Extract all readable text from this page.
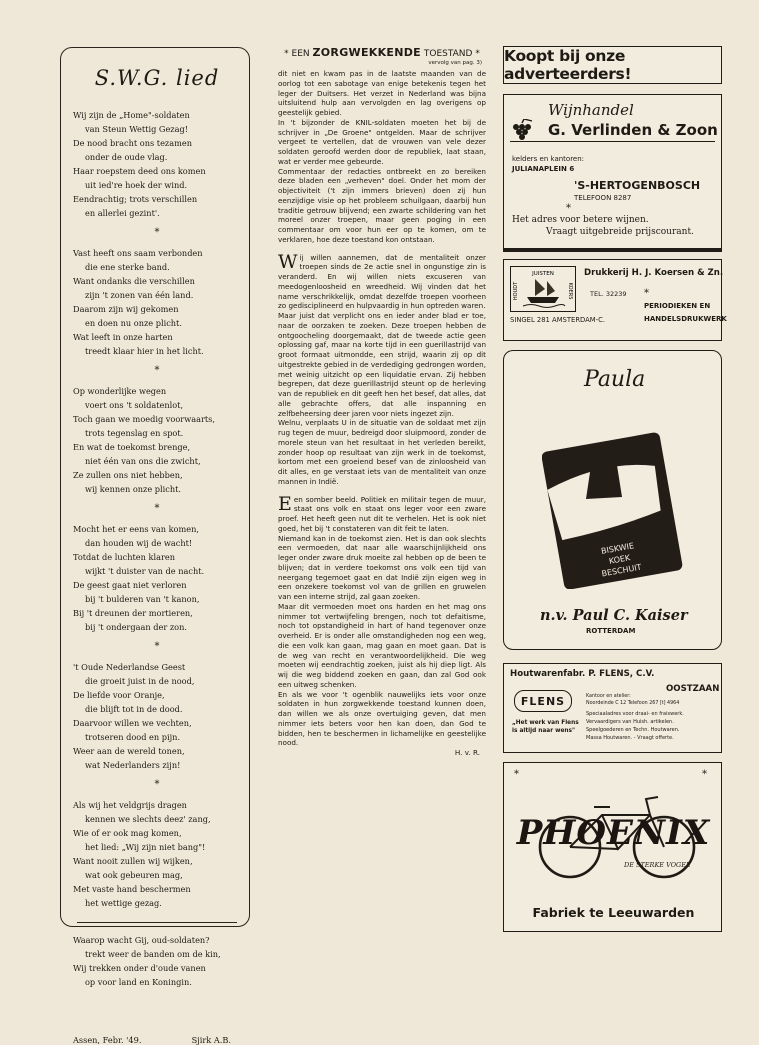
S.W.G. lied
Wij zijn de „Home"-soldaten
van Steun Wettig Gezag!
De nood bracht ons tezamen
onder de oude vlag.
Haar roepstem deed ons komen
uit ied're hoek der wind.
Eendrachtig; trots verschillen
en allerlei gezint'.
*
Vast heeft ons saam verbonden
die ene sterke band.
Want ondanks die verschillen
zijn 't zonen van één land.
Daarom zijn wij gekomen
en doen nu onze plicht.
Wat leeft in onze harten
treedt klaar hier in het licht.
*
Op wonderlijke wegen
voert ons 't soldatenlot,
Toch gaan we moedig voorwaarts,
trots tegenslag en spot.
En wat de toekomst brenge,
niet één van ons die zwicht,
Ze zullen ons niet hebben,
wij kennen onze plicht.
*
Mocht het er eens van komen,
dan houden wij de wacht!
Totdat de luchten klaren
wijkt 't duister van de nacht.
De geest gaat niet verloren
bij 't bulderen van 't kanon,
Bij 't dreunen der mortieren,
bij 't ondergaan der zon.
*
't Oude Nederlandse Geest
die groeit juist in de nood,
De liefde voor Oranje,
die blijft tot in de dood.
Daarvoor willen we vechten,
trotseren dood en pijn.
Weer aan de wereld tonen,
wat Nederlanders zijn!
*
Als wij het veldgrijs dragen
kennen we slechts deez' zang,
Wie of er ook mag komen,
het lied: „Wij zijn niet bang"!
Want nooit zullen wij wijken,
wat ook gebeuren mag,
Met vaste hand beschermen
het wettige gezag.
Waarop wacht Gij, oud-soldaten?
trekt weer de banden om de kin,
Wij trekken onder d'oude vanen
op voor land en Koningin.
Assen, Febr. '49.	Sjirk A.B.
* EEN ZORGWEKKENDE TOESTAND *
vervolg van pag. 3)

dit niet en kwam pas in de laatste maanden van de oorlog tot een sabotage van enige betekenis tegen het leger der Duitsers. Het verzet in Nederland was bijna uitsluitend hulp aan vervolgden en lag overigens op geestelijk gebied.

In 't bijzonder de KNIL-soldaten moeten het bij de schrijver in „De Groene" ontgelden. Maar de schrijver vergeet te vertellen, dat de vrouwen van vele dezer soldaten geroofd werden door de republiek, laat staan, wat er verder mee gebeurde.

Commentaar der redacties ontbreekt en zo bereiken deze bladen een „verheven" doel. Onder het mom der objectiviteit ('t zijn immers brieven) doen zij hun eenzijdige visie op het probleem schuilgaan, daarbij hun traditie getrouw blijvend; een zwarte schildering van het moreel onzer troepen, maar geen poging in een commentaar om voor hun eer op te komen, om te verklaren, hoe deze toestand kon ontstaan.

Wij willen aannemen, dat de mentaliteit onzer troepen sinds de 2e actie snel in ongunstige zin is veranderd. En wij willen niets excuseren van meedogenloosheid en wreedheid. Wij vinden dat het name verschrikkelijk, omdat dezelfde troepen voorheen zo gedisciplineerd en hulpvaardig in hun optreden waren.

Maar juist dat verplicht ons en ieder ander blad er toe, naar de oorzaken te zoeken. Deze troepen hebben de ontgoocheling doorgemaakt, dat de tweede actie geen oplossing gaf, maar na korte tijd in een guerillastrijd van groot formaat uitmondde, een strijd, waarin zij op dit uitgestrekte gebied in de verdediging gedrongen worden, met weinig uitzicht op een liquidatie ervan. Zij hebben begrepen, dat deze guerillastrijd steunt op de herleving van de republiek en dit geeft hen het besef, dat alles, dat alle gebrachte offers, dat alle inspanning en zelfbeheersing deer jaren voor niets ingezet zijn.

Welnu, verplaats U in de situatie van de soldaat met zijn rug tegen de muur, bedreigd door sluipmoord, zonder de morele steun van het resultaat in het verleden bereikt, zonder hoop op resultaat van zijn werk in de toekomst, kortom met een groeiend besef van de zinloosheid van dit alles, en ge verstaat iets van de mentaliteit van onze mannen in Indië.

Een somber beeld. Politiek en militair tegen de muur, staat ons volk en staat ons leger voor een zware proef. Het heeft geen nut dit te verhelen. Het is ook niet goed, het bij 't constateren van dit feit te laten.

Niemand kan in de toekomst zien. Het is dan ook slechts een vermoeden, dat naar alle waarschijnlijkheid ons leger onder zware druk moeite zal hebben op de been te blijven; dat in verdere toekomst ons volk een tijd van neergang tegemoet gaat en dat Indië zijn eigen weg in een onzekere toekomst vol van de grillen en gruwelen van een interne strijd, zal gaan zoeken.

Maar dit vermoeden moet ons harden en het mag ons nimmer tot vertwijfeling brengen, noch tot defaitisme, noch tot opstandigheid in hart of hand tegenover onze overheid. Er is onder alle omstandigheden nog een weg, die een volk kan gaan, mag gaan en moet gaan. Dat is de weg van recht en verantwoordelijkheid. Die weg moeten wij eendrachtig zoeken, juist als hij diep ligt. Als wij die weg biddend zoeken en gaan, dan zal God ook een uitweg schenken.

En als we voor 't ogenblik nauwelijks iets voor onze soldaten in hun zorgwekkende toestand kunnen doen, dan willen we als onze overtuiging geven, dat men nimmer iets beters voor hen kan doen, dan God te bidden, hen te beschermen in lichamelijke en geestelijke nood.

H. v. R.
Koopt bij onze adverteerders!
Wijnhandel
G. Verlinden & Zoon
kelders en kantoren:
JULIANAPLEIN 6
'S-HERTOGENBOSCH
TELEFOON 8287
*
Het adres voor betere wijnen.
Vraagt uitgebreide prijscourant.
JUISTEN
HOUDT	KOERS
Drukkerij H. J. Koersen & Zn.
TEL. 32239
SINGEL 281 AMSTERDAM-C.
*
PERIODIEKEN EN
HANDELSDRUKWERK
Paula
BISKWIE
KOEK
BESCHUIT
n.v. Paul C. Kaiser
ROTTERDAM
Houtwarenfabr. P. FLENS, C.V.
OOSTZAAN
FLENS
„Het werk van Flens
is altijd naar wens"
Kantoor en atelier:
Noordeinde C 12 Telefoon 267 [t] 4964
Speciaaladres voor draai- en fraiswerk.
Vervaardigers van Huish. artikelen.
Speelgoederen en Techn. Houtwaren.
Massa Houtwaren. - Vraagt offerte.
*	*
PHOENIX
DE STERKE VOGEL
Fabriek te Leeuwarden
